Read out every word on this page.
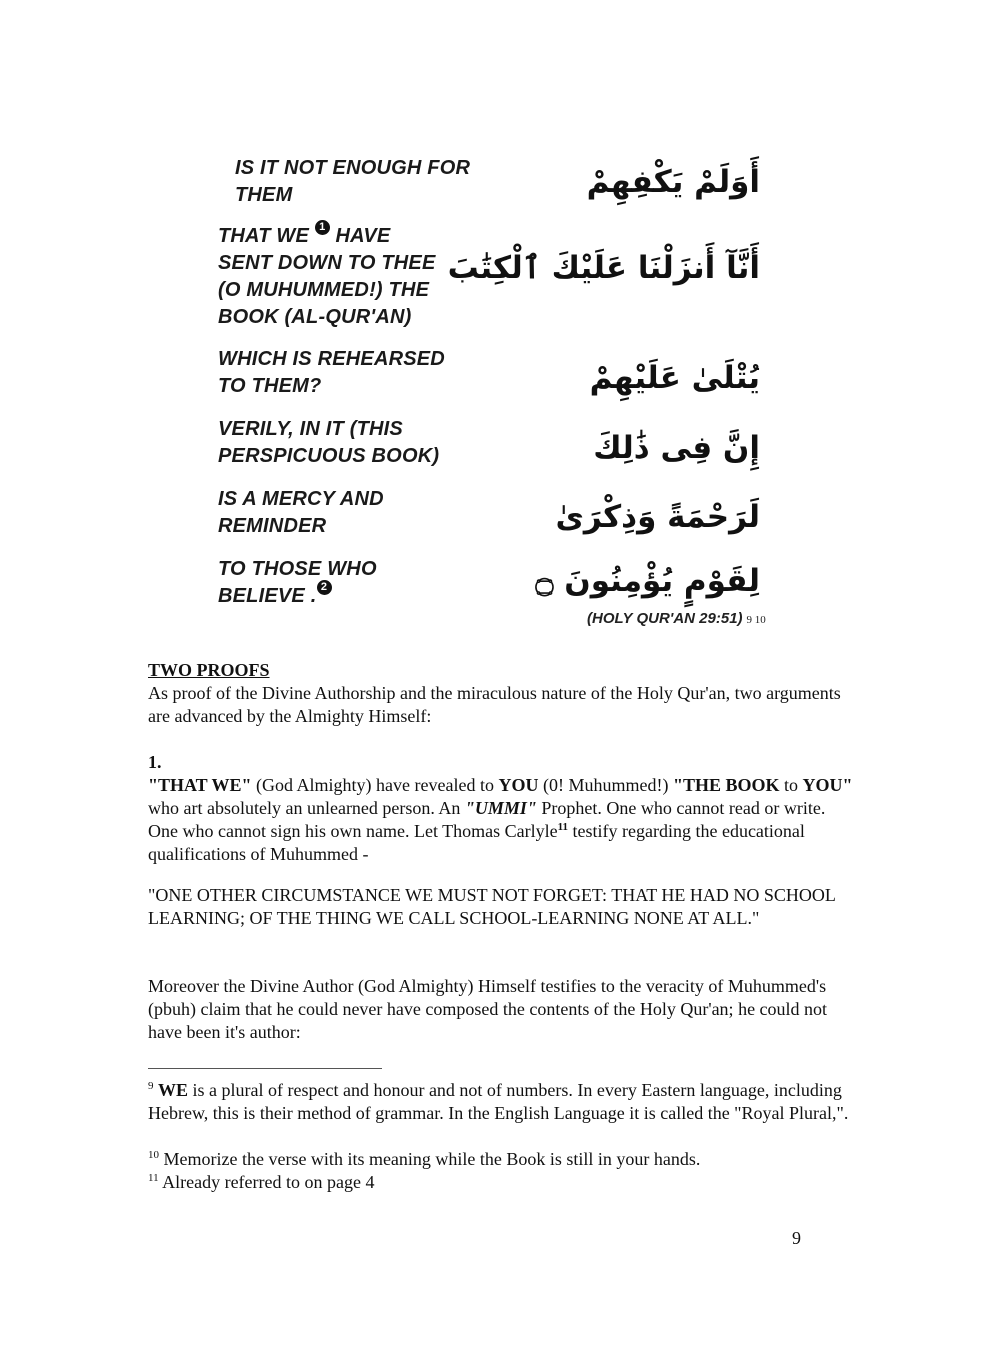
IS IT NOT ENOUGH FOR
THEM
THAT WE 1 HAVE
SENT DOWN TO THEE
(O MUHUMMED!) THE
BOOK (AL-QUR'AN)
WHICH IS REHEARSED
TO THEM?
VERILY, IN IT (THIS
PERSPICUOUS BOOK)
IS A MERCY AND
REMINDER
TO THOSE WHO
BELIEVE . 2
أَوَلَمْ يَكْفِهِمْ
أَنَّآ أَنزَلْنَا عَلَيْكَ ٱلْكِتَٰبَ
يُتْلَىٰ عَلَيْهِمْ
إِنَّ فِى ذَٰلِكَ
لَرَحْمَةً وَذِكْرَىٰ
لِقَوْمٍ يُؤْمِنُونَ ۝
(HOLY QUR'AN 29:51) 9 10
TWO PROOFS
As proof of the Divine Authorship and the miraculous nature of the Holy Qur'an, two arguments are advanced by the Almighty Himself:
1.
"THAT WE" (God Almighty) have revealed to YOU (0! Muhummed!) "THE BOOK to YOU" who art absolutely an unlearned person. An "UMMI" Prophet. One who cannot read or write. One who cannot sign his own name. Let Thomas Carlyle$^{11}$ testify regarding the educational qualifications of Muhummed -
"ONE OTHER CIRCUMSTANCE WE MUST NOT FORGET: THAT HE HAD NO SCHOOL LEARNING; OF THE THING WE CALL SCHOOL-LEARNING NONE AT ALL."
Moreover the Divine Author (God Almighty) Himself testifies to the veracity of Muhummed's (pbuh) claim that he could never have composed the contents of the Holy Qur'an; he could not have been it's author:
$^9$ WE is a plural of respect and honour and not of numbers. In every Eastern language, including Hebrew, this is their method of grammar. In the English Language it is called the "Royal Plural,".
$^{10}$ Memorize the verse with its meaning while the Book is still in your hands.
$^{11}$ Already referred to on page 4
9
